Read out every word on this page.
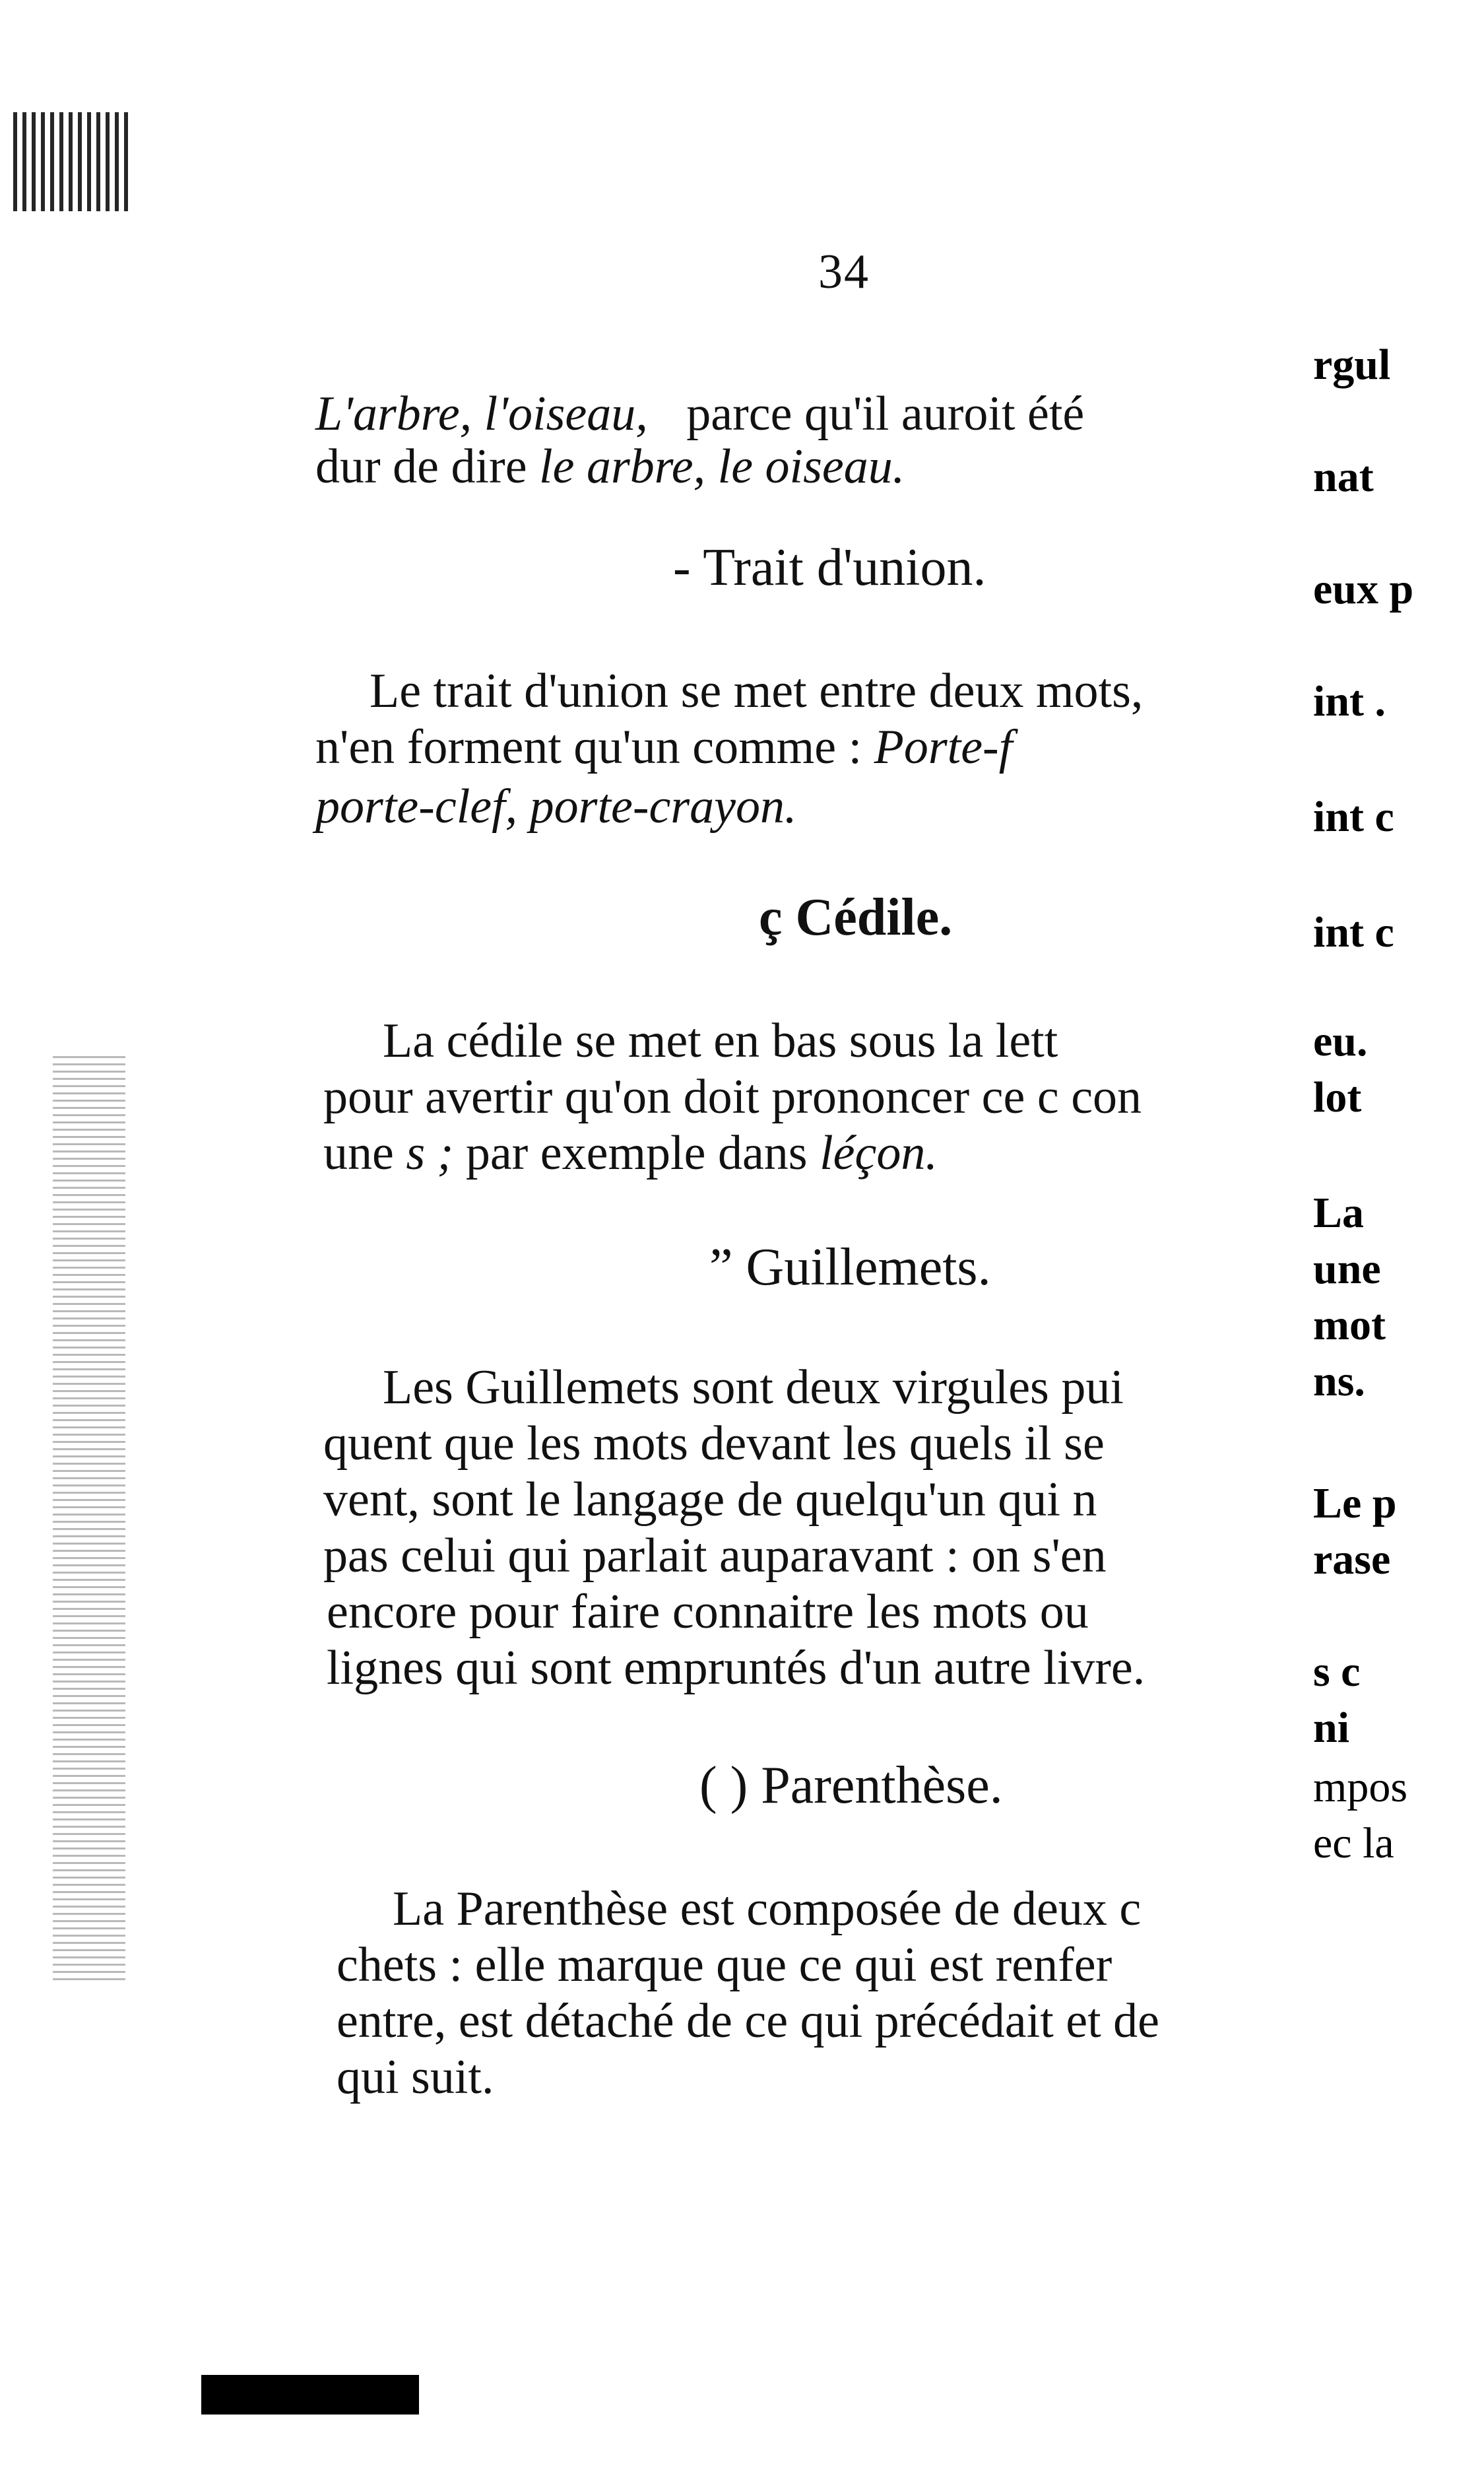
34
L'arbre, l'oiseau, parce qu'il auroit été
dur de dire le arbre, le oiseau.
- Trait d'union.
Le trait d'union se met entre deux mots,
n'en forment qu'un comme : Porte-f
porte-clef, porte-crayon.
ç Cédile.
La cédile se met en bas sous la lett
pour avertir qu'on doit prononcer ce c con
une s ; par exemple dans léçon.
” Guillemets.
Les Guillemets sont deux virgules pui
quent que les mots devant les quels il se
vent, sont le langage de quelqu'un qui n
pas celui qui parlait auparavant : on s'en
encore pour faire connaitre les mots ou
lignes qui sont empruntés d'un autre livre.
( ) Parenthèse.
La Parenthèse est composée de deux c
chets : elle marque que ce qui est renfer
entre, est détaché de ce qui précédait et de
qui suit.
rgul
nat
eux p
int .
int c
int c
eu.
lot
La
une
mot
ns.
Le p
rase
s c
ni
mpos
ec la
